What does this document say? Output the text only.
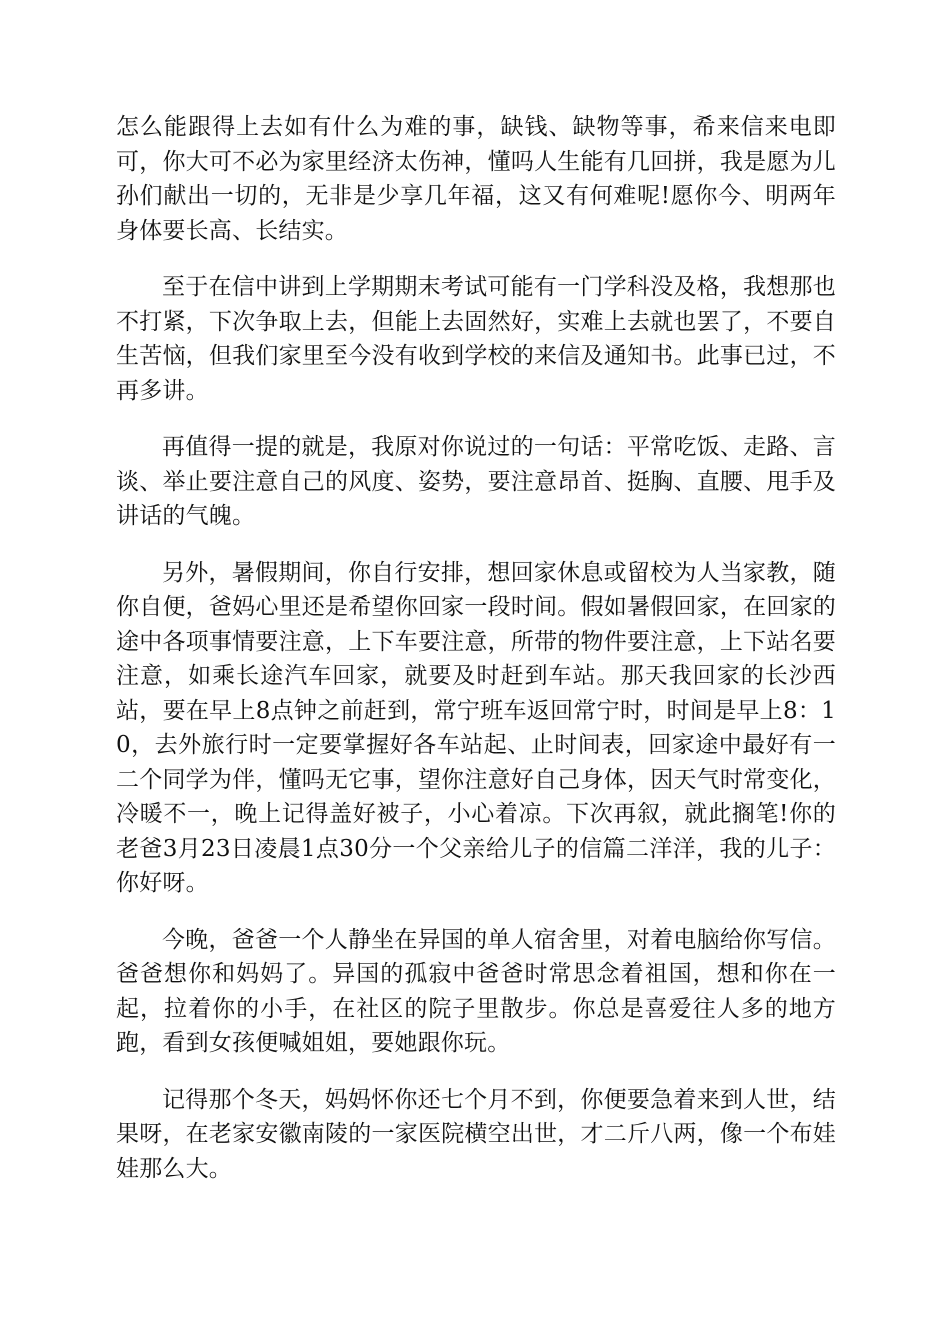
怎么能跟得上去如有什么为难的事，缺钱、缺物等事，希来信来电即可，你大可不必为家里经济太伤神，懂吗人生能有几回拼，我是愿为儿孙们献出一切的，无非是少享几年福，这又有何难呢!愿你今、明两年身体要长高、长结实。

至于在信中讲到上学期期末考试可能有一门学科没及格，我想那也不打紧，下次争取上去，但能上去固然好，实难上去就也罢了，不要自生苦恼，但我们家里至今没有收到学校的来信及通知书。此事已过，不再多讲。

再值得一提的就是，我原对你说过的一句话：平常吃饭、走路、言谈、举止要注意自己的风度、姿势，要注意昂首、挺胸、直腰、甩手及讲话的气魄。

另外，暑假期间，你自行安排，想回家休息或留校为人当家教，随你自便，爸妈心里还是希望你回家一段时间。假如暑假回家，在回家的途中各项事情要注意，上下车要注意，所带的物件要注意，上下站名要注意，如乘长途汽车回家，就要及时赶到车站。那天我回家的长沙西站，要在早上8点钟之前赶到，常宁班车返回常宁时，时间是早上8：10，去外旅行时一定要掌握好各车站起、止时间表，回家途中最好有一二个同学为伴，懂吗无它事，望你注意好自己身体，因天气时常变化，冷暖不一，晚上记得盖好被子，小心着凉。下次再叙，就此搁笔!你的老爸3月23日凌晨1点30分一个父亲给儿子的信篇二洋洋，我的儿子：你好呀。

今晚，爸爸一个人静坐在异国的单人宿舍里，对着电脑给你写信。爸爸想你和妈妈了。异国的孤寂中爸爸时常思念着祖国，想和你在一起，拉着你的小手，在社区的院子里散步。你总是喜爱往人多的地方跑，看到女孩便喊姐姐，要她跟你玩。

记得那个冬天，妈妈怀你还七个月不到，你便要急着来到人世，结果呀，在老家安徽南陵的一家医院横空出世，才二斤八两，像一个布娃娃那么大。
